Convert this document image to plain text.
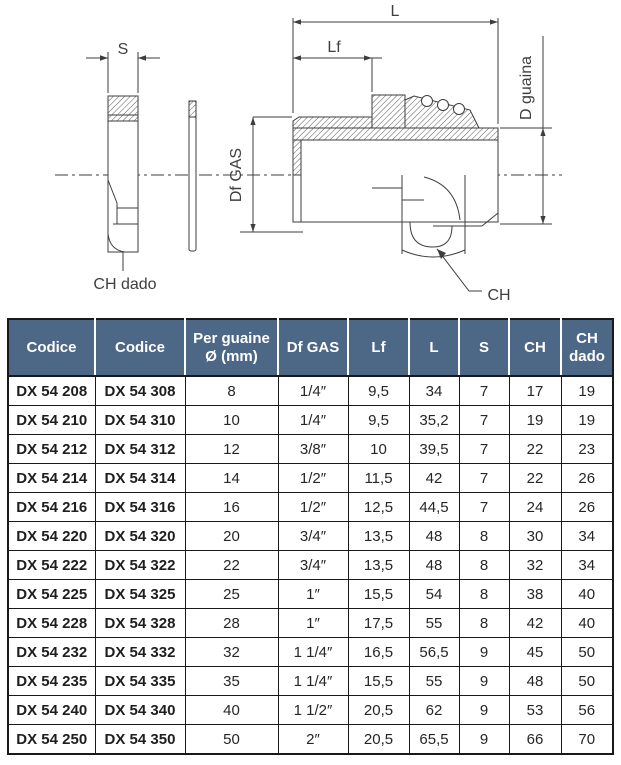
S
L
Lf
Df GAS
D guaina
CH
CH dado
Codice	Codice	Per guaine Ø (mm)	Df GAS	Lf	L	S	CH	CH dado
DX 54 208	DX 54 308	8	1/4″	9,5	34	7	17	19
DX 54 210	DX 54 310	10	1/4″	9,5	35,2	7	19	19
DX 54 212	DX 54 312	12	3/8″	10	39,5	7	22	23
DX 54 214	DX 54 314	14	1/2″	11,5	42	7	22	26
DX 54 216	DX 54 316	16	1/2″	12,5	44,5	7	24	26
DX 54 220	DX 54 320	20	3/4″	13,5	48	8	30	34
DX 54 222	DX 54 322	22	3/4″	13,5	48	8	32	34
DX 54 225	DX 54 325	25	1″	15,5	54	8	38	40
DX 54 228	DX 54 328	28	1″	17,5	55	8	42	40
DX 54 232	DX 54 332	32	1 1/4″	16,5	56,5	9	45	50
DX 54 235	DX 54 335	35	1 1/4″	15,5	55	9	48	50
DX 54 240	DX 54 340	40	1 1/2″	20,5	62	9	53	56
DX 54 250	DX 54 350	50	2″	20,5	65,5	9	66	70
